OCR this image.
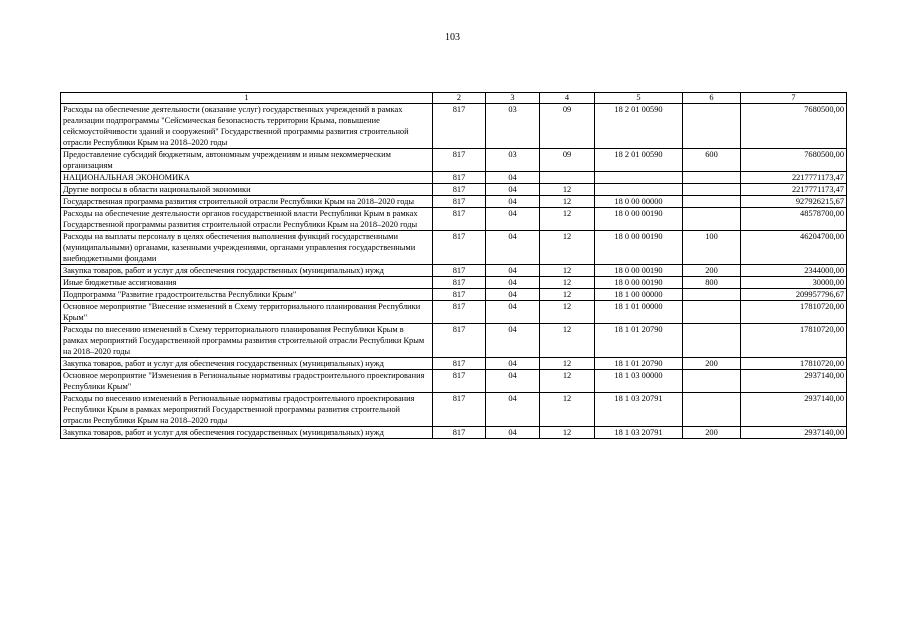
103
1	2	3	4	5	6	7
Расходы на обеспечение деятельности (оказание услуг) государственных учреждений в рамках реализации подпрограммы "Сейсмическая безопасность территории Крыма, повышение сейсмоустойчивости зданий и сооружений" Государственной программы развития строительной отрасли Республики Крым на 2018–2020 годы	817	03	09	18 2 01 00590		7680500,00
Предоставление субсидий бюджетным, автономным учреждениям и иным некоммерческим организациям	817	03	09	18 2 01 00590	600	7680500,00
НАЦИОНАЛЬНАЯ ЭКОНОМИКА	817	04				2217771173,47
Другие вопросы в области национальной экономики	817	04	12			2217771173,47
Государственная программа развития строительной отрасли Республики Крым на 2018–2020 годы	817	04	12	18 0 00 00000		927926215,67
Расходы на обеспечение деятельности органов государственной власти Республики Крым в рамках Государственной программы развития строительной отрасли Республики Крым на 2018–2020 годы	817	04	12	18 0 00 00190		48578700,00
Расходы на выплаты персоналу в целях обеспечения выполнения функций государственными (муниципальными) органами, казенными учреждениями, органами управления государственными внебюджетными фондами	817	04	12	18 0 00 00190	100	46204700,00
Закупка товаров, работ и услуг для обеспечения государственных (муниципальных) нужд	817	04	12	18 0 00 00190	200	2344000,00
Иные бюджетные ассигнования	817	04	12	18 0 00 00190	800	30000,00
Подпрограмма "Развитие градостроительства Республики Крым"	817	04	12	18 1 00 00000		209957796,67
Основное мероприятие "Внесение изменений в Схему территориального планирования Республики Крым"	817	04	12	18 1 01 00000		17810720,00
Расходы по внесению изменений в Схему территориального планирования Республики Крым в рамках мероприятий Государственной программы развития строительной отрасли Республики Крым на 2018–2020 годы	817	04	12	18 1 01 20790		17810720,00
Закупка товаров, работ и услуг для обеспечения государственных (муниципальных) нужд	817	04	12	18 1 01 20790	200	17810720,00
Основное мероприятие "Изменения в Региональные нормативы градостроительного проектирования Республики Крым"	817	04	12	18 1 03 00000		2937140,00
Расходы по внесению изменений в Региональные нормативы градостроительного проектирования Республики Крым в рамках мероприятий Государственной программы развития строительной отрасли Республики Крым на 2018–2020 годы	817	04	12	18 1 03 20791		2937140,00
Закупка товаров, работ и услуг для обеспечения государственных (муниципальных) нужд	817	04	12	18 1 03 20791	200	2937140,00
